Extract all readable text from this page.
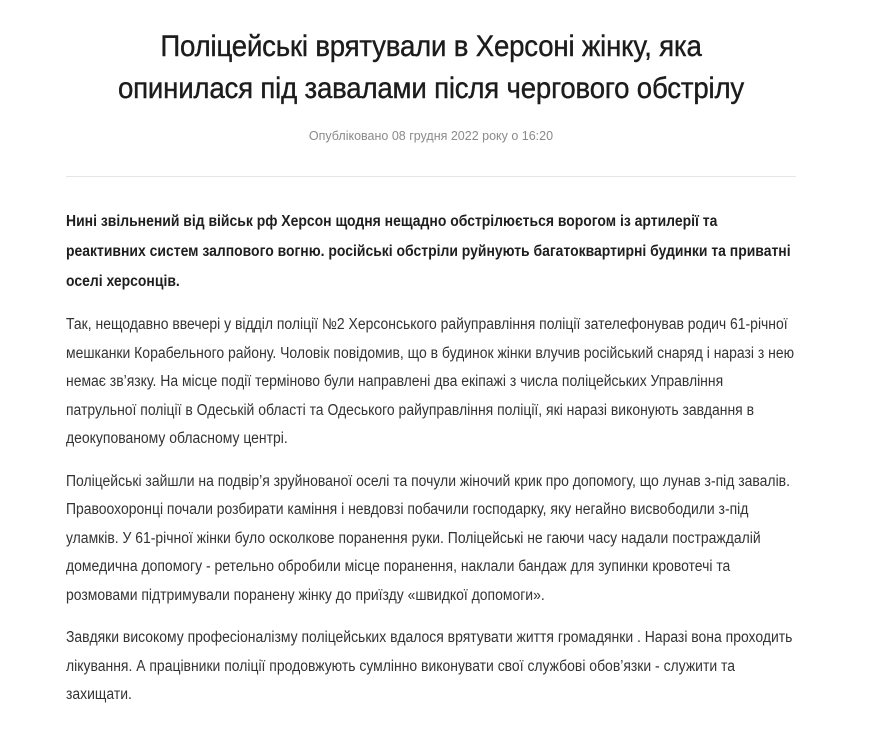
Поліцейські врятували в Херсоні жінку, яка опинилася під завалами після чергового обстрілу
Опубліковано 08 грудня 2022 року о 16:20

Нині звільнений від військ рф Херсон щодня нещадно обстрілюється ворогом із артилерії та реактивних систем залпового вогню. російські обстріли руйнують багатоквартирні будинки та приватні оселі херсонців.

Так, нещодавно ввечері у відділ поліції №2 Херсонського райуправління поліції зателефонував родич 61-річної мешканки Корабельного району. Чоловік повідомив, що в будинок жінки влучив російський снаряд і наразі з нею немає зв’язку. На місце події терміново були направлені два екіпажі з числа поліцейських Управління патрульної поліції в Одеській області та Одеського райуправління поліції, які наразі виконують завдання в деокупованому обласному центрі.

Поліцейські зайшли на подвір’я зруйнованої оселі та почули жіночий крик про допомогу, що лунав з-під завалів. Правоохоронці почали розбирати каміння і невдовзі побачили господарку, яку негайно висвободили з-під уламків. У 61-річної жінки було осколкове поранення руки. Поліцейські не гаючи часу надали постраждалій домедична допомогу - ретельно обробили місце поранення, наклали бандаж для зупинки кровотечі та розмовами підтримували поранену жінку до приїзду «швидкої допомоги».

Завдяки високому професіоналізму поліцейських вдалося врятувати життя громадянки . Наразі вона проходить лікування. А працівники поліції продовжують сумлінно виконувати свої службові обов’язки - служити та захищати.
